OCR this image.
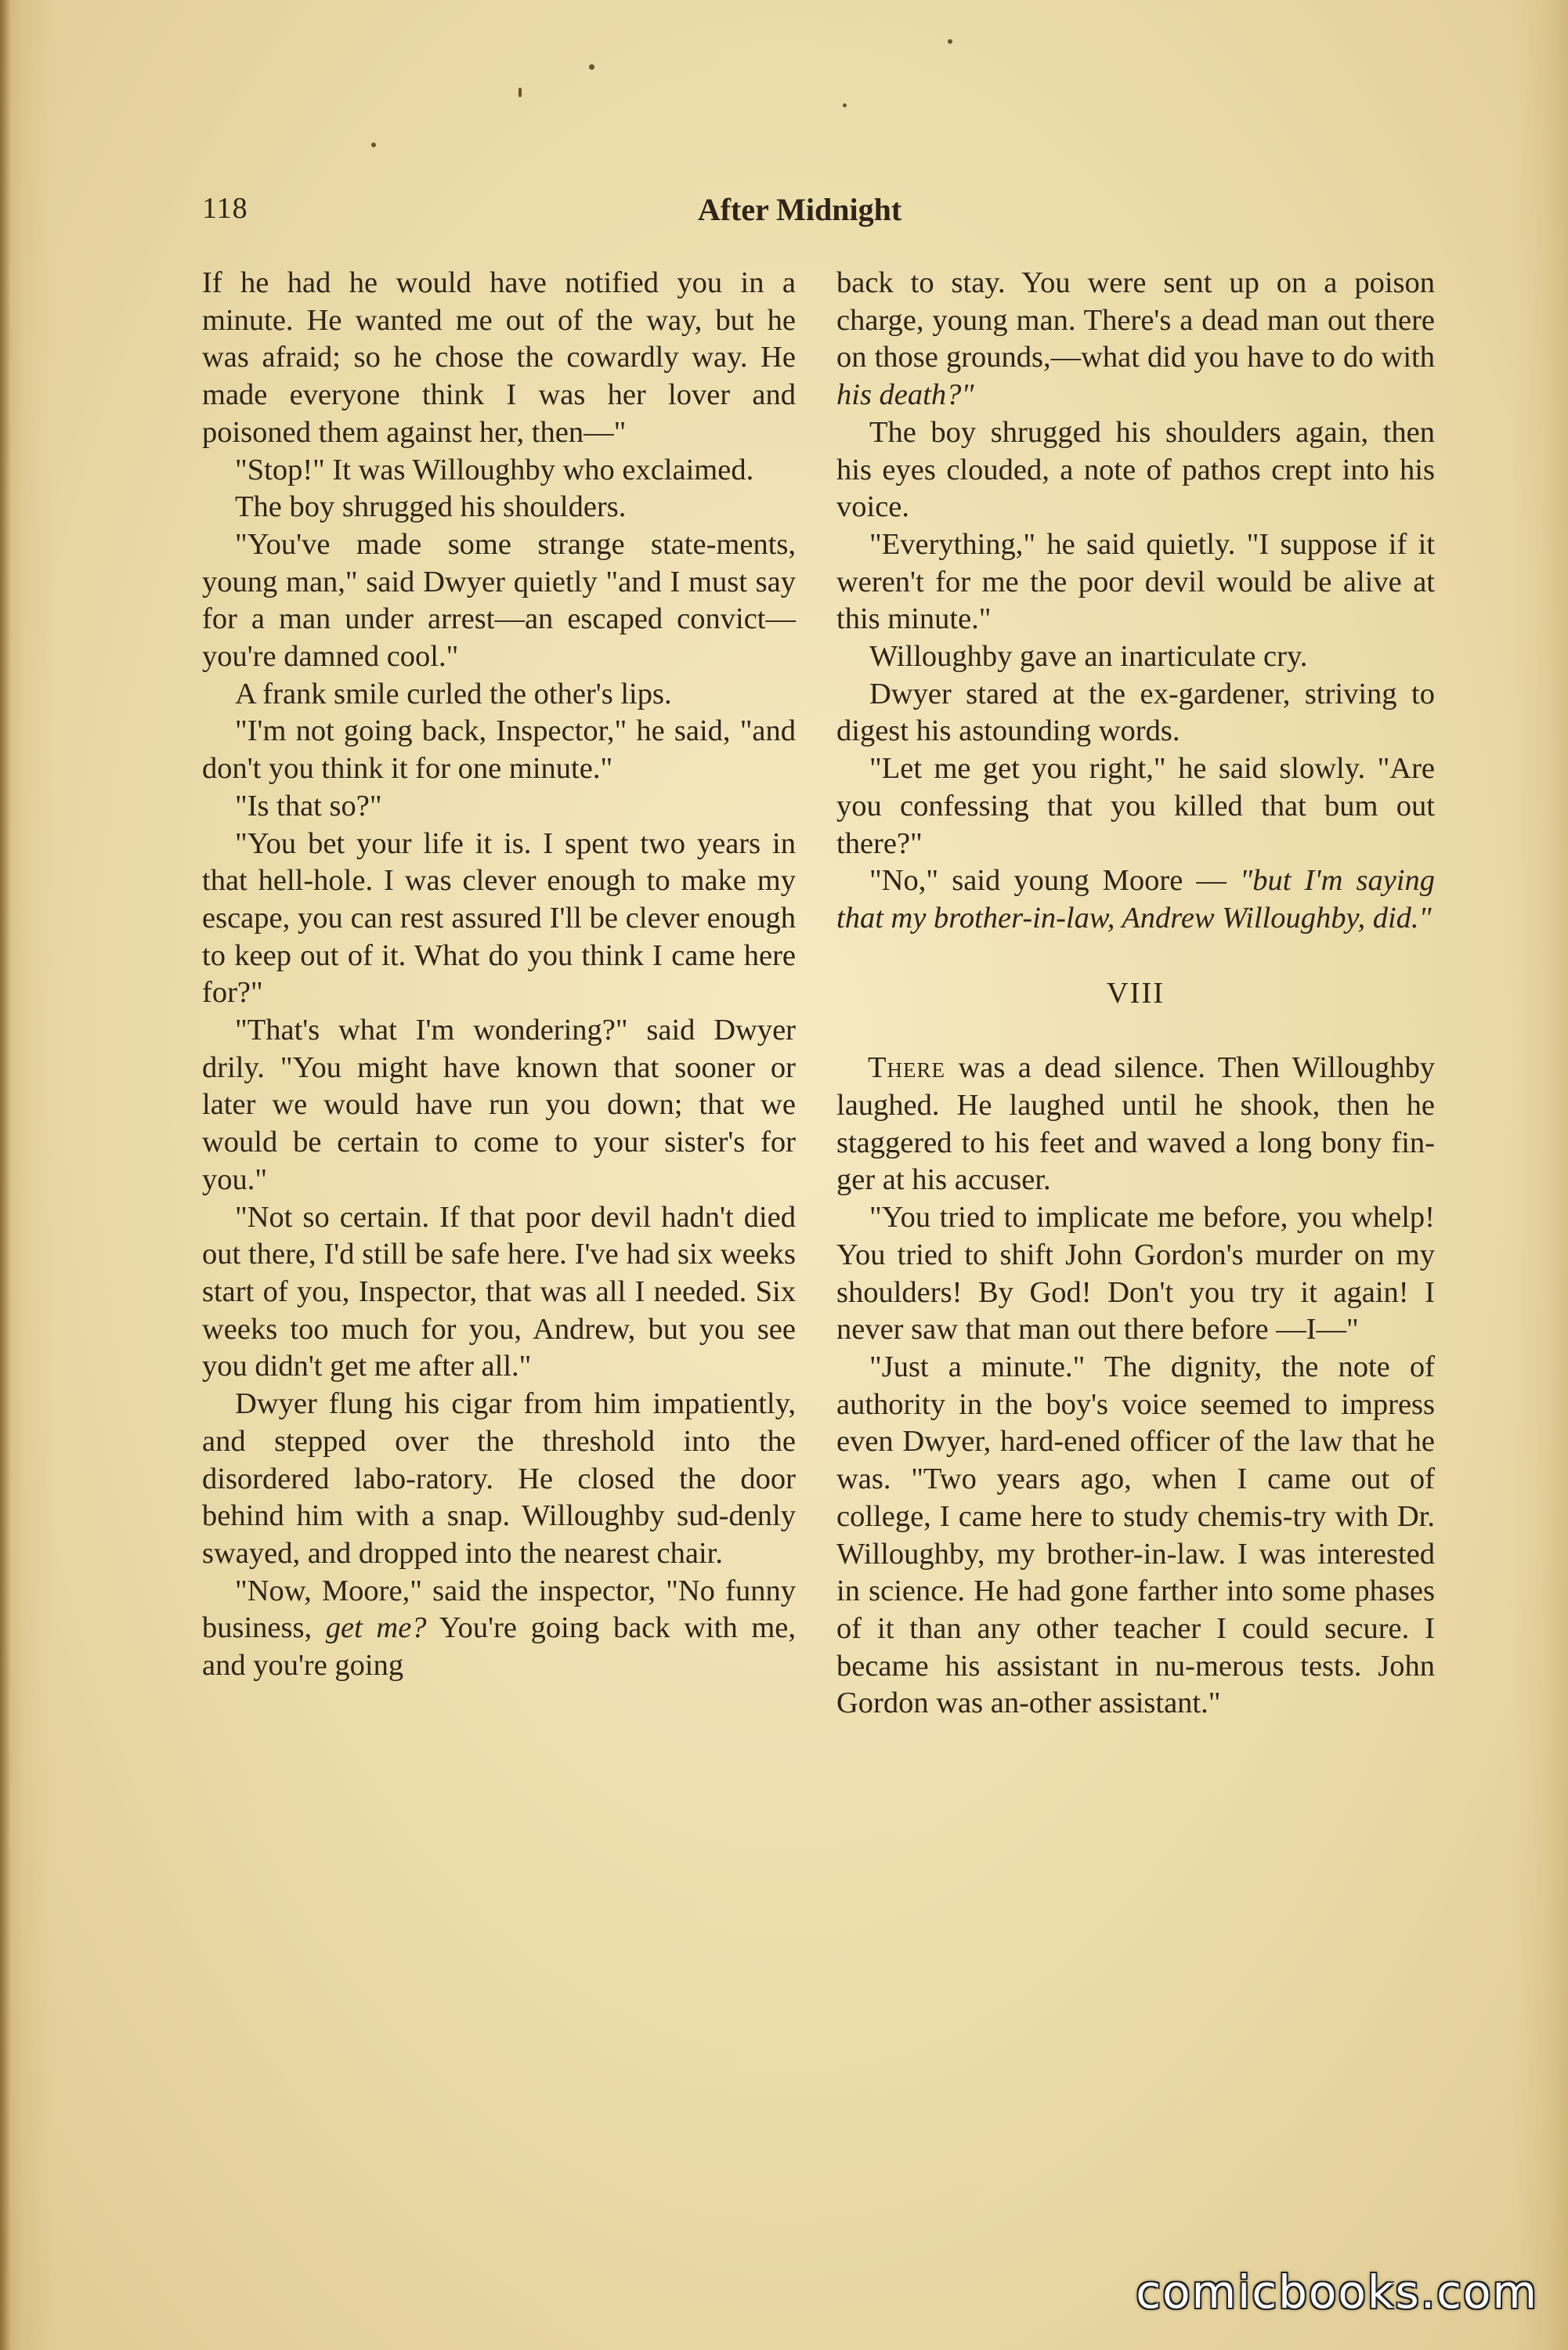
118	After Midnight

If he had he would have notified you in a minute. He wanted me out of the way, but he was afraid; so he chose the cowardly way. He made everyone think I was her lover and poisoned them against her, then—"

"Stop!" It was Willoughby who exclaimed.

The boy shrugged his shoulders.

"You've made some strange state-ments, young man," said Dwyer quietly "and I must say for a man under arrest—an escaped convict—you're damned cool."

A frank smile curled the other's lips.

"I'm not going back, Inspector," he said, "and don't you think it for one minute."

"Is that so?"

"You bet your life it is. I spent two years in that hell-hole. I was clever enough to make my escape, you can rest assured I'll be clever enough to keep out of it. What do you think I came here for?"

"That's what I'm wondering?" said Dwyer drily. "You might have known that sooner or later we would have run you down; that we would be certain to come to your sister's for you."

"Not so certain. If that poor devil hadn't died out there, I'd still be safe here. I've had six weeks start of you, Inspector, that was all I needed. Six weeks too much for you, Andrew, but you see you didn't get me after all."

Dwyer flung his cigar from him impatiently, and stepped over the threshold into the disordered labo-ratory. He closed the door behind him with a snap. Willoughby sud-denly swayed, and dropped into the nearest chair.

"Now, Moore," said the inspector, "No funny business, get me? You're going back with me, and you're going

back to stay. You were sent up on a poison charge, young man. There's a dead man out there on those grounds,—what did you have to do with his death?"

The boy shrugged his shoulders again, then his eyes clouded, a note of pathos crept into his voice.

"Everything," he said quietly. "I suppose if it weren't for me the poor devil would be alive at this minute."

Willoughby gave an inarticulate cry.

Dwyer stared at the ex-gardener, striving to digest his astounding words.

"Let me get you right," he said slowly. "Are you confessing that you killed that bum out there?"

"No," said young Moore — "but I'm saying that my brother-in-law, Andrew Willoughby, did."

VIII

There was a dead silence. Then Willoughby laughed. He laughed until he shook, then he staggered to his feet and waved a long bony fin-ger at his accuser.

"You tried to implicate me before, you whelp! You tried to shift John Gordon's murder on my shoulders! By God! Don't you try it again! I never saw that man out there before —I—"

"Just a minute." The dignity, the note of authority in the boy's voice seemed to impress even Dwyer, hard-ened officer of the law that he was. "Two years ago, when I came out of college, I came here to study chemis-try with Dr. Willoughby, my brother-in-law. I was interested in science. He had gone farther into some phases of it than any other teacher I could secure. I became his assistant in nu-merous tests. John Gordon was an-other assistant."

comicbooks.com
